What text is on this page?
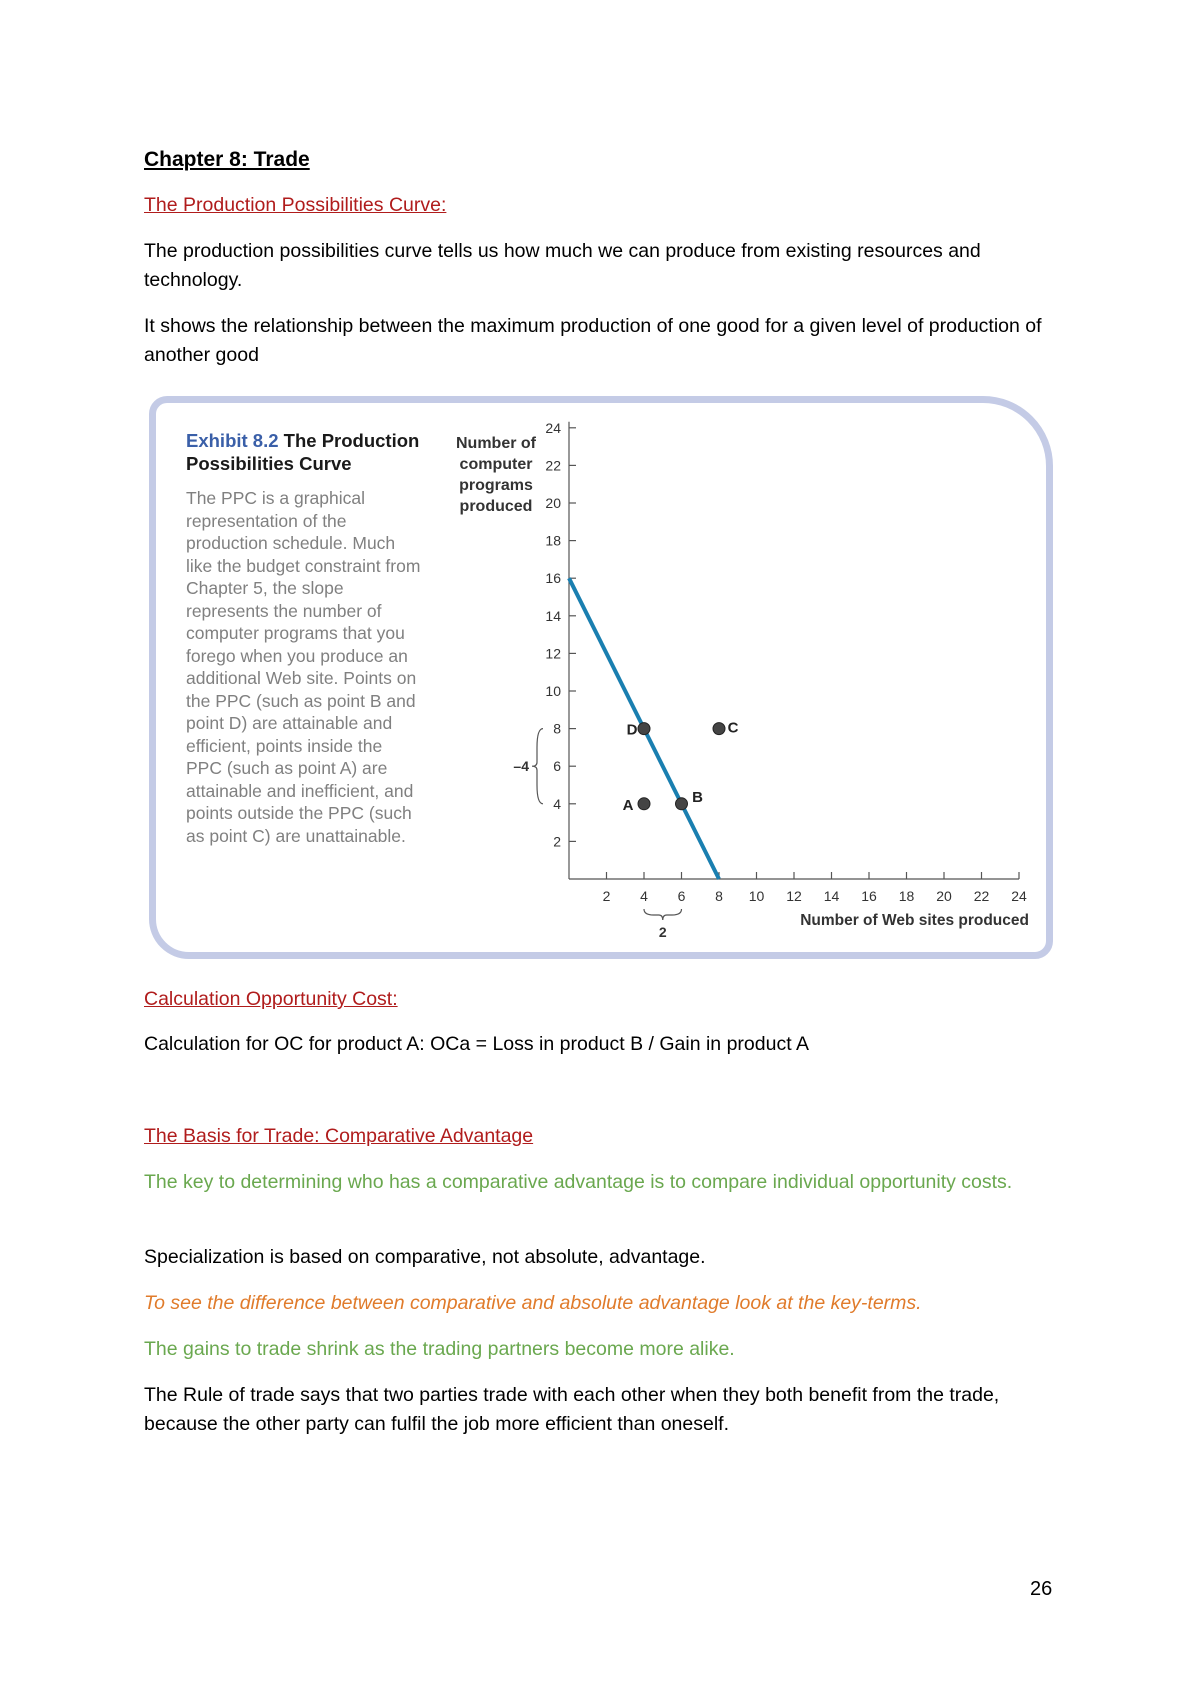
Chapter 8: Trade

The Production Possibilities Curve:

The production possibilities curve tells us how much we can produce from existing resources and technology.

It shows the relationship between the maximum production of one good for a given level of production of another good

Exhibit 8.2 The Production Possibilities Curve
The PPC is a graphical representation of the production schedule. Much like the budget constraint from Chapter 5, the slope represents the number of computer programs that you forego when you produce an additional Web site. Points on the PPC (such as point B and point D) are attainable and efficient, points inside the PPC (such as point A) are attainable and inefficient, and points outside the PPC (such as point C) are unattainable.
Number of computer programs produced
2
4
6
8
10
12
14
16
18
20
22
24
2 4 6 8 10 12 14 16 18 20 22 24
Number of Web sites produced
A	B
C
D
–4
2

Calculation Opportunity Cost:

Calculation for OC for product A: OCa = Loss in product B / Gain in product A

The Basis for Trade: Comparative Advantage

The key to determining who has a comparative advantage is to compare individual opportunity costs.

Specialization is based on comparative, not absolute, advantage.

To see the difference between comparative and absolute advantage look at the key-terms.

The gains to trade shrink as the trading partners become more alike.

The Rule of trade says that two parties trade with each other when they both benefit from the trade, because the other party can fulfil the job more efficient than oneself.

26
